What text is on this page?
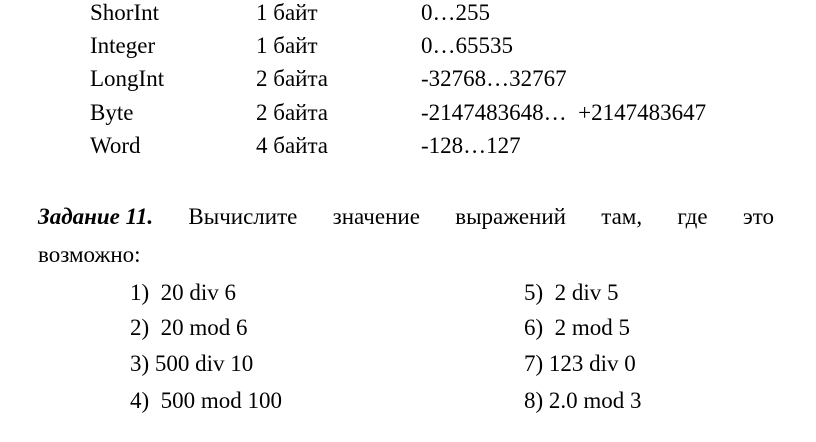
ShorInt	1 байт	0…255
Integer	1 байт	0…65535
LongInt	2 байта	-32768…32767
Byte	2 байта	-2147483648…  +2147483647
Word	4 байта	-128…127
Задание 11. Вычислите значение выражений там, где это
возможно:
1)  20 div 6
2)  20 mod 6
3) 500 div 10
4)  500 mod 100
5)  2 div 5
6)  2 mod 5
7) 123 div 0
8) 2.0 mod 3
